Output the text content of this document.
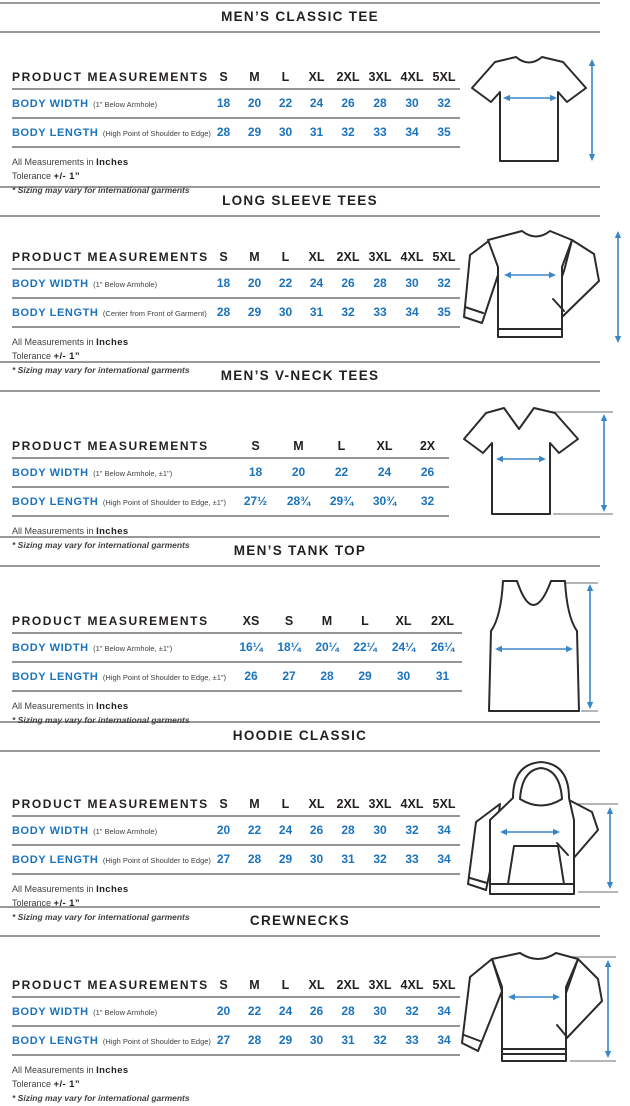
MEN’S CLASSIC TEE
PRODUCT MEASUREMENTS	S	M	L	XL	2XL	3XL	4XL	5XL
BODY WIDTH (1" Below Armhole)	18	20	22	24	26	28	30	32
BODY LENGTH (High Point of Shoulder to Edge)	28	29	30	31	32	33	34	35

All Measurements in Inches

Tolerance +/- 1”

* Sizing may vary for international garments

LONG SLEEVE TEES
PRODUCT MEASUREMENTS	S	M	L	XL	2XL	3XL	4XL	5XL
BODY WIDTH (1" Below Armhole)	18	20	22	24	26	28	30	32
BODY LENGTH (Center from Front of Garment)	28	29	30	31	32	33	34	35

All Measurements in Inches

Tolerance +/- 1”

* Sizing may vary for international garments	MEN’S V-NECK TEES
PRODUCT MEASUREMENTS	S	M	L	XL	2X
BODY WIDTH (1" Below Armhole, ±1")	18	20	22	24	26
BODY LENGTH (High Point of Shoulder to Edge, ±1")	27½	28¾	29¾	30¾	32

All Measurements in Inches

* Sizing may vary for international garments	MEN’S TANK TOP
PRODUCT MEASUREMENTS	XS	S	M	L	XL	2XL
BODY WIDTH (1" Below Armhole, ±1")	16¼	18¼	20¼	22¼	24¼	26¼
BODY LENGTH (High Point of Shoulder to Edge, ±1")	26	27	28	29	30	31

All Measurements in Inches

* Sizing may vary for international garments

HOODIE CLASSIC
PRODUCT MEASUREMENTS	S	M	L	XL	2XL	3XL	4XL	5XL
BODY WIDTH (1" Below Armhole)	20	22	24	26	28	30	32	34
BODY LENGTH (High Point of Shoulder to Edge)	27	28	29	30	31	32	33	34

All Measurements in Inches

Tolerance +/- 1”

* Sizing may vary for international garments	CREWNECKS
PRODUCT MEASUREMENTS	S	M	L	XL	2XL	3XL	4XL	5XL
BODY WIDTH (1" Below Armhole)	20	22	24	26	28	30	32	34
BODY LENGTH (High Point of Shoulder to Edge)	27	28	29	30	31	32	33	34

All Measurements in Inches

Tolerance +/- 1”

* Sizing may vary for international garments
